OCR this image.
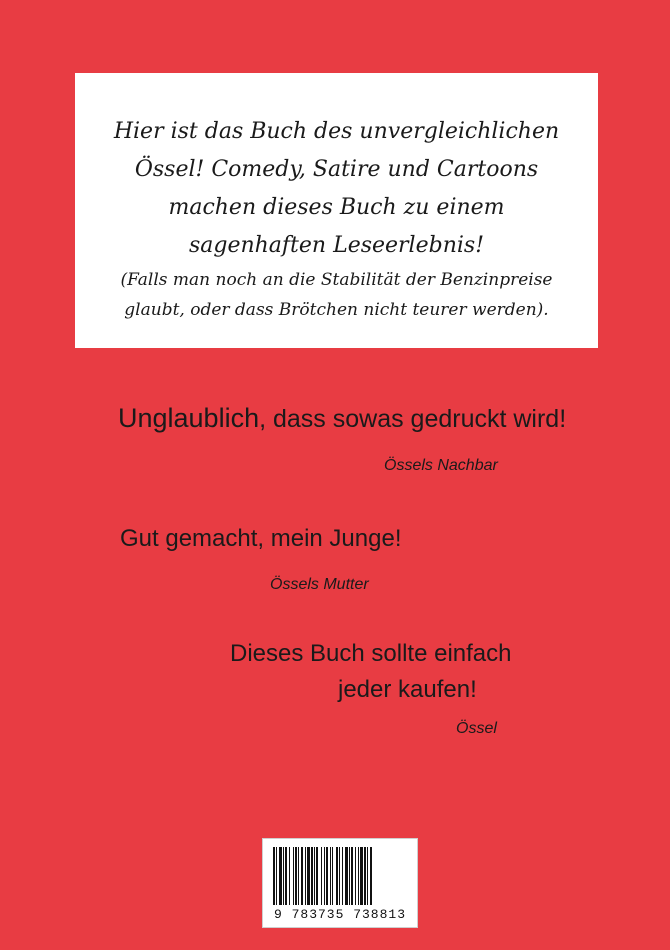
Hier ist das Buch des unvergleichlichen
Össel! Comedy, Satire und Cartoons
machen dieses Buch zu einem
sagenhaften Leseerlebnis!
(Falls man noch an die Stabilität der Benzinpreise
glaubt, oder dass Brötchen nicht teurer werden).
Unglaublich, dass sowas gedruckt wird!
Össels Nachbar
Gut gemacht, mein Junge!
Össels Mutter
Dieses Buch sollte einfach
jeder kaufen!
Össel
9 783735 738813
